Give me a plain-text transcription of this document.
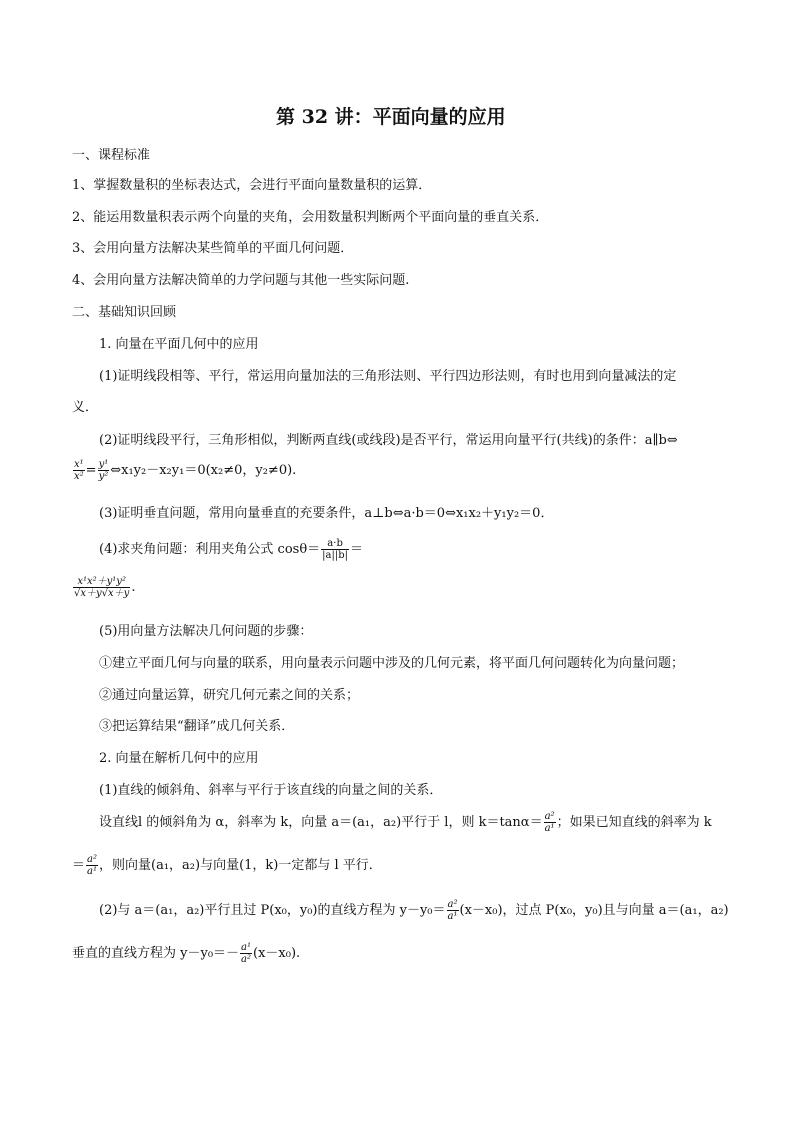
第 32 讲：平面向量的应用
一、课程标准
1、掌握数量积的坐标表达式，会进行平面向量数量积的运算．
2、能运用数量积表示两个向量的夹角，会用数量积判断两个平面向量的垂直关系．
3、会用向量方法解决某些简单的平面几何问题．
4、会用向量方法解决简单的力学问题与其他一些实际问题.
二、基础知识回顾
1. 向量在平面几何中的应用
(1)证明线段相等、平行，常运用向量加法的三角形法则、平行四边形法则，有时也用到向量减法的定
义．
(2)证明线段平行，三角形相似，判断两直线(或线段)是否平行，常运用向量平行(共线)的条件：a∥b⇔
$\frac{\text{x¹}}{\text{x²}} = \frac{\text{y¹}}{\text{y²}}$ ⇔x₁y₂－x₂y₁＝0(x₂≠0，y₂≠0).
(3)证明垂直问题，常用向量垂直的充要条件，a⊥b⇔a·b＝0⇔x₁x₂＋y₁y₂＝0．
(4)求夹角问题：利用夹角公式 $\cos\theta= \frac{a\cdot b}{|a||b|}$ ＝
$\frac{\text{x¹x²＋y¹y²}}{√x+y√x+y}$ .
(5)用向量方法解决几何问题的步骤：
①建立平面几何与向量的联系，用向量表示问题中涉及的几何元素，将平面几何问题转化为向量问题；
②通过向量运算，研究几何元素之间的关系；
③把运算结果“翻译”成几何关系．
2. 向量在解析几何中的应用
(1)直线的倾斜角、斜率与平行于该直线的向量之间的关系．
设直线l 的倾斜角为 α，斜率为 k，向量 a＝(a₁，a₂)平行于 l，则 $k=\tan\alpha= \frac{\text{a²}}{\text{a¹}}$ ；如果已知直线的斜率为 k
＝ $\frac{\text{a²}}{\text{a¹}}$ ，则向量(a₁，a₂)与向量(1，k)一定都与 l 平行．
(2)与 a＝(a₁，a₂)平行且过 P(x₀，y₀)的直线方程为 $y-y_0= \frac{\text{a²}}{\text{a¹}} (x-x_0)$，过点 P(x₀，y₀)且与向量 a＝(a₁，a₂)
垂直的直线方程为 $y-y_0=- \frac{\text{a¹}}{\text{a²}} (x-x_0)$.
